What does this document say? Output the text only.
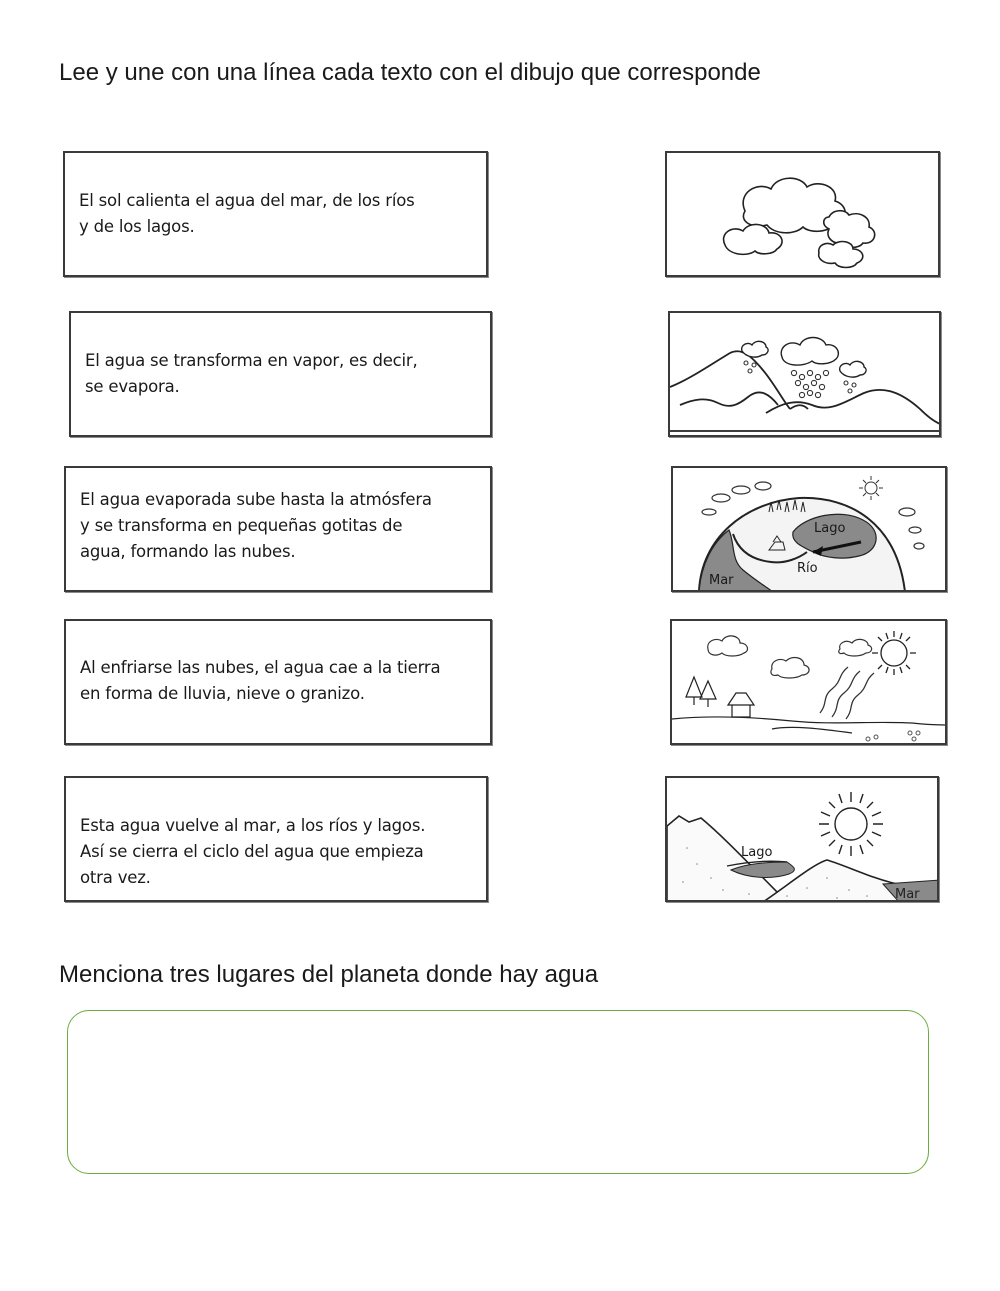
Lee y une con una línea cada texto con el dibujo que corresponde
El sol calienta el agua del mar, de los ríos
y de los lagos.
El agua se transforma en vapor, es decir,
se evapora.
El agua evaporada sube hasta la atmósfera
y se transforma en pequeñas gotitas de
agua, formando las nubes.
Al enfriarse las nubes, el agua cae a la tierra
en forma de lluvia, nieve o granizo.
Esta agua vuelve al mar, a los ríos y lagos.
Así se cierra el ciclo del agua que empieza
otra vez.
Lago
Río
Mar
Lago
Mar
Menciona tres lugares del planeta donde hay agua
